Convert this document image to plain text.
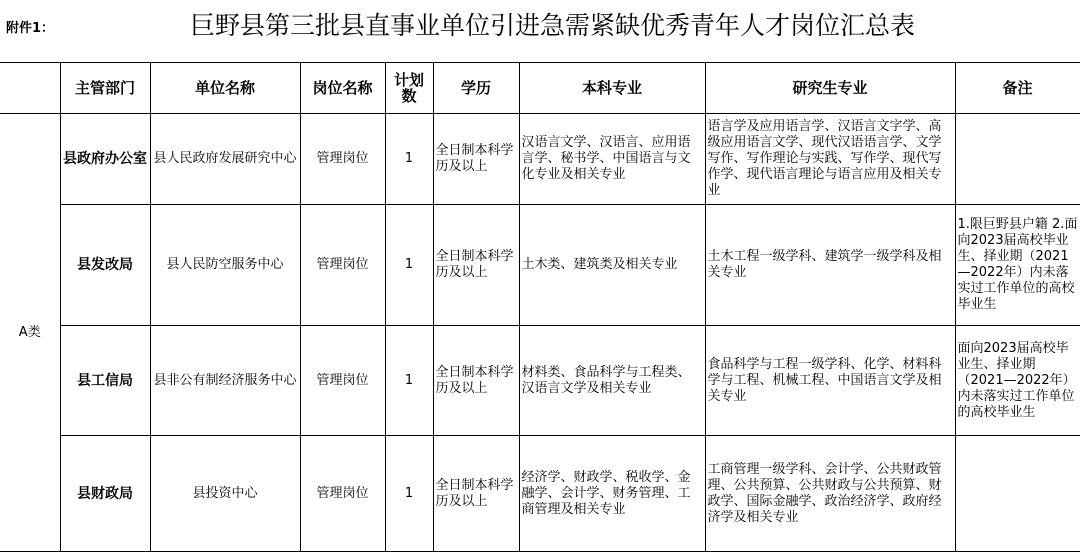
附件1：	巨野县第三批县直事业单位引进急需紧缺优秀青年人才岗位汇总表
	主管部门	单位名称	岗位名称	计划数	学历	本科专业	研究生专业	备注
A类	县政府办公室	县人民政府发展研究中心	管理岗位	1	全日制本科学历及以上	汉语言文学、汉语言、应用语言学、秘书学、中国语言与文化专业及相关专业	语言学及应用语言学、汉语言文字学、高级应用语言文学、现代汉语语言学、文学写作、写作理论与实践、写作学、现代写作学、现代语言理论与语言应用及相关专业	
	县发改局	县人民防空服务中心	管理岗位	1	全日制本科学历及以上	土木类、建筑类及相关专业	土木工程一级学科、建筑学一级学科及相关专业	1.限巨野县户籍 2.面向2023届高校毕业生、择业期（2021—2022年）内未落实过工作单位的高校毕业生
	县工信局	县非公有制经济服务中心	管理岗位	1	全日制本科学历及以上	材料类、食品科学与工程类、汉语言文学及相关专业	食品科学与工程一级学科、化学、材料科学与工程、机械工程、中国语言文学及相关专业	面向2023届高校毕业生、择业期（2021—2022年）内未落实过工作单位的高校毕业生
	县财政局	县投资中心	管理岗位	1	全日制本科学历及以上	经济学、财政学、税收学、金融学、会计学、财务管理、工商管理及相关专业	工商管理一级学科、会计学、公共财政管理、公共预算、公共财政与公共预算、财政学、国际金融学、政治经济学、政府经济学及相关专业	
